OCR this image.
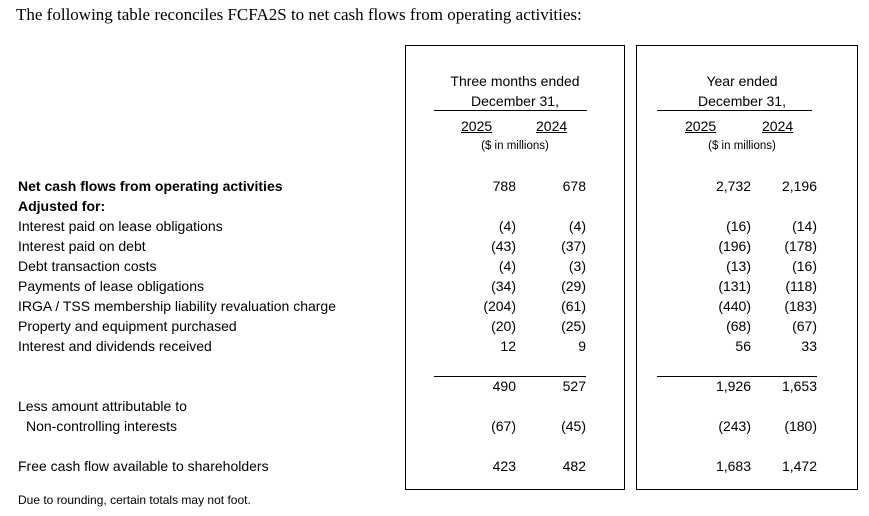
The following table reconciles FCFA2S to net cash flows from operating activities:
Three months ended
December 31,
2025	2024
($ in millions)
Year ended
December 31,
2025	2024
($ in millions)
Net cash flows from operating activities	788	678	2,732 2,196
Adjusted for:
Interest paid on lease obligations	(4)	(4)	(16)	(14)
Interest paid on debt	(43)	(37)	(196) (178)
Debt transaction costs	(4)	(3)	(13)	(16)
Payments of lease obligations	(34)	(29)	(131) (118)
IRGA / TSS membership liability revaluation charge	(204)	(61)	(440) (183)
Property and equipment purchased	(20)	(25)	(68)	(67)
Interest and dividends received	12	9	56	33
490	527	1,926 1,653
Less amount attributable to
Non-controlling interests	(67)	(45)	(243) (180)
Free cash flow available to shareholders	423	482	1,683 1,472
Due to rounding, certain totals may not foot.
